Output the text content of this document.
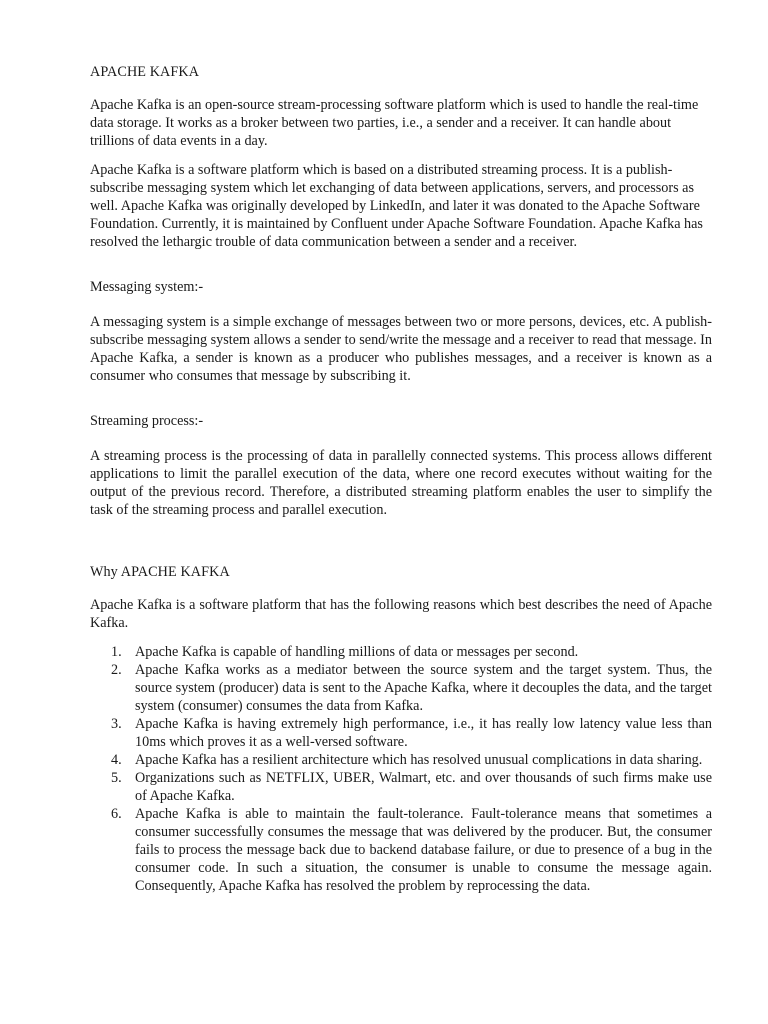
APACHE KAFKA

Apache Kafka is an open-source stream-processing software platform which is used to handle the real-time data storage. It works as a broker between two parties, i.e., a sender and a receiver. It can handle about trillions of data events in a day.

Apache Kafka is a software platform which is based on a distributed streaming process. It is a publish-subscribe messaging system which let exchanging of data between applications, servers, and processors as well. Apache Kafka was originally developed by LinkedIn, and later it was donated to the Apache Software Foundation. Currently, it is maintained by Confluent under Apache Software Foundation. Apache Kafka has resolved the lethargic trouble of data communication between a sender and a receiver.

Messaging system:-

A messaging system is a simple exchange of messages between two or more persons, devices, etc. A publish-subscribe messaging system allows a sender to send/write the message and a receiver to read that message. In Apache Kafka, a sender is known as a producer who publishes messages, and a receiver is known as a consumer who consumes that message by subscribing it.

Streaming process:-

A streaming process is the processing of data in parallelly connected systems. This process allows different applications to limit the parallel execution of the data, where one record executes without waiting for the output of the previous record. Therefore, a distributed streaming platform enables the user to simplify the task of the streaming process and parallel execution.

Why APACHE KAFKA

Apache Kafka is a software platform that has the following reasons which best describes the need of Apache Kafka.

1. Apache Kafka is capable of handling millions of data or messages per second.
2. Apache Kafka works as a mediator between the source system and the target system. Thus, the source system (producer) data is sent to the Apache Kafka, where it decouples the data, and the target system (consumer) consumes the data from Kafka.
3. Apache Kafka is having extremely high performance, i.e., it has really low latency value less than 10ms which proves it as a well-versed software.
4. Apache Kafka has a resilient architecture which has resolved unusual complications in data sharing.
5. Organizations such as NETFLIX, UBER, Walmart, etc. and over thousands of such firms make use of Apache Kafka.
6. Apache Kafka is able to maintain the fault-tolerance. Fault-tolerance means that sometimes a consumer successfully consumes the message that was delivered by the producer. But, the consumer fails to process the message back due to backend database failure, or due to presence of a bug in the consumer code. In such a situation, the consumer is unable to consume the message again. Consequently, Apache Kafka has resolved the problem by reprocessing the data.
